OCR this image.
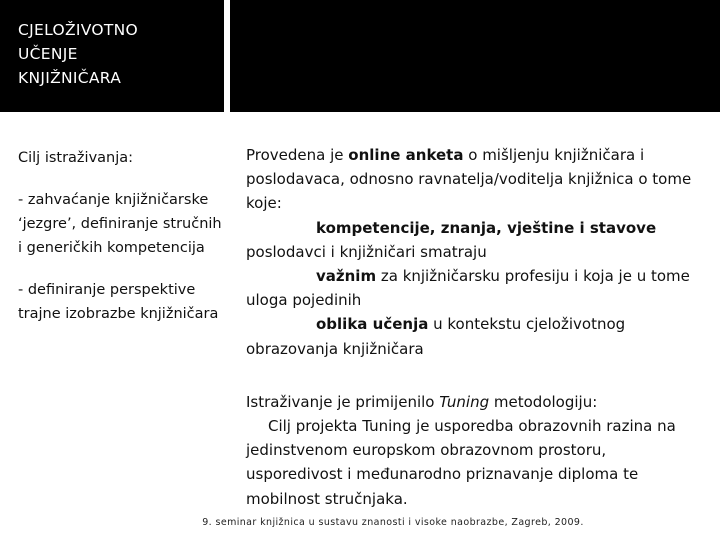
CJELOŽIVOTNO
UČENJE
KNJIŽNIČARA

Cilj istraživanja:

- zahvaćanje knjižničarske ‘jezgre’, definiranje stručnih i generičkih kompetencija

- definiranje perspektive trajne izobrazbe knjižničara

Provedena je online anketa o mišljenju knjižničara i poslodavaca, odnosno ravnatelja/voditelja knjižnica o tome koje:
kompetencije, znanja, vještine i stavove poslodavci i knjižničari smatraju
važnim za knjižničarsku profesiju i koja je u tome uloga pojedinih
oblika učenja u kontekstu cjeloživotnog obrazovanja knjižničara

Istraživanje je primijenilo Tuning metodologiju:
Cilj projekta Tuning je usporedba obrazovnih razina na jedinstvenom europskom obrazovnom prostoru, usporedivost i međunarodno priznavanje diploma te mobilnost stručnjaka.

9. seminar knjižnica u sustavu znanosti i visoke naobrazbe, Zagreb, 2009.
